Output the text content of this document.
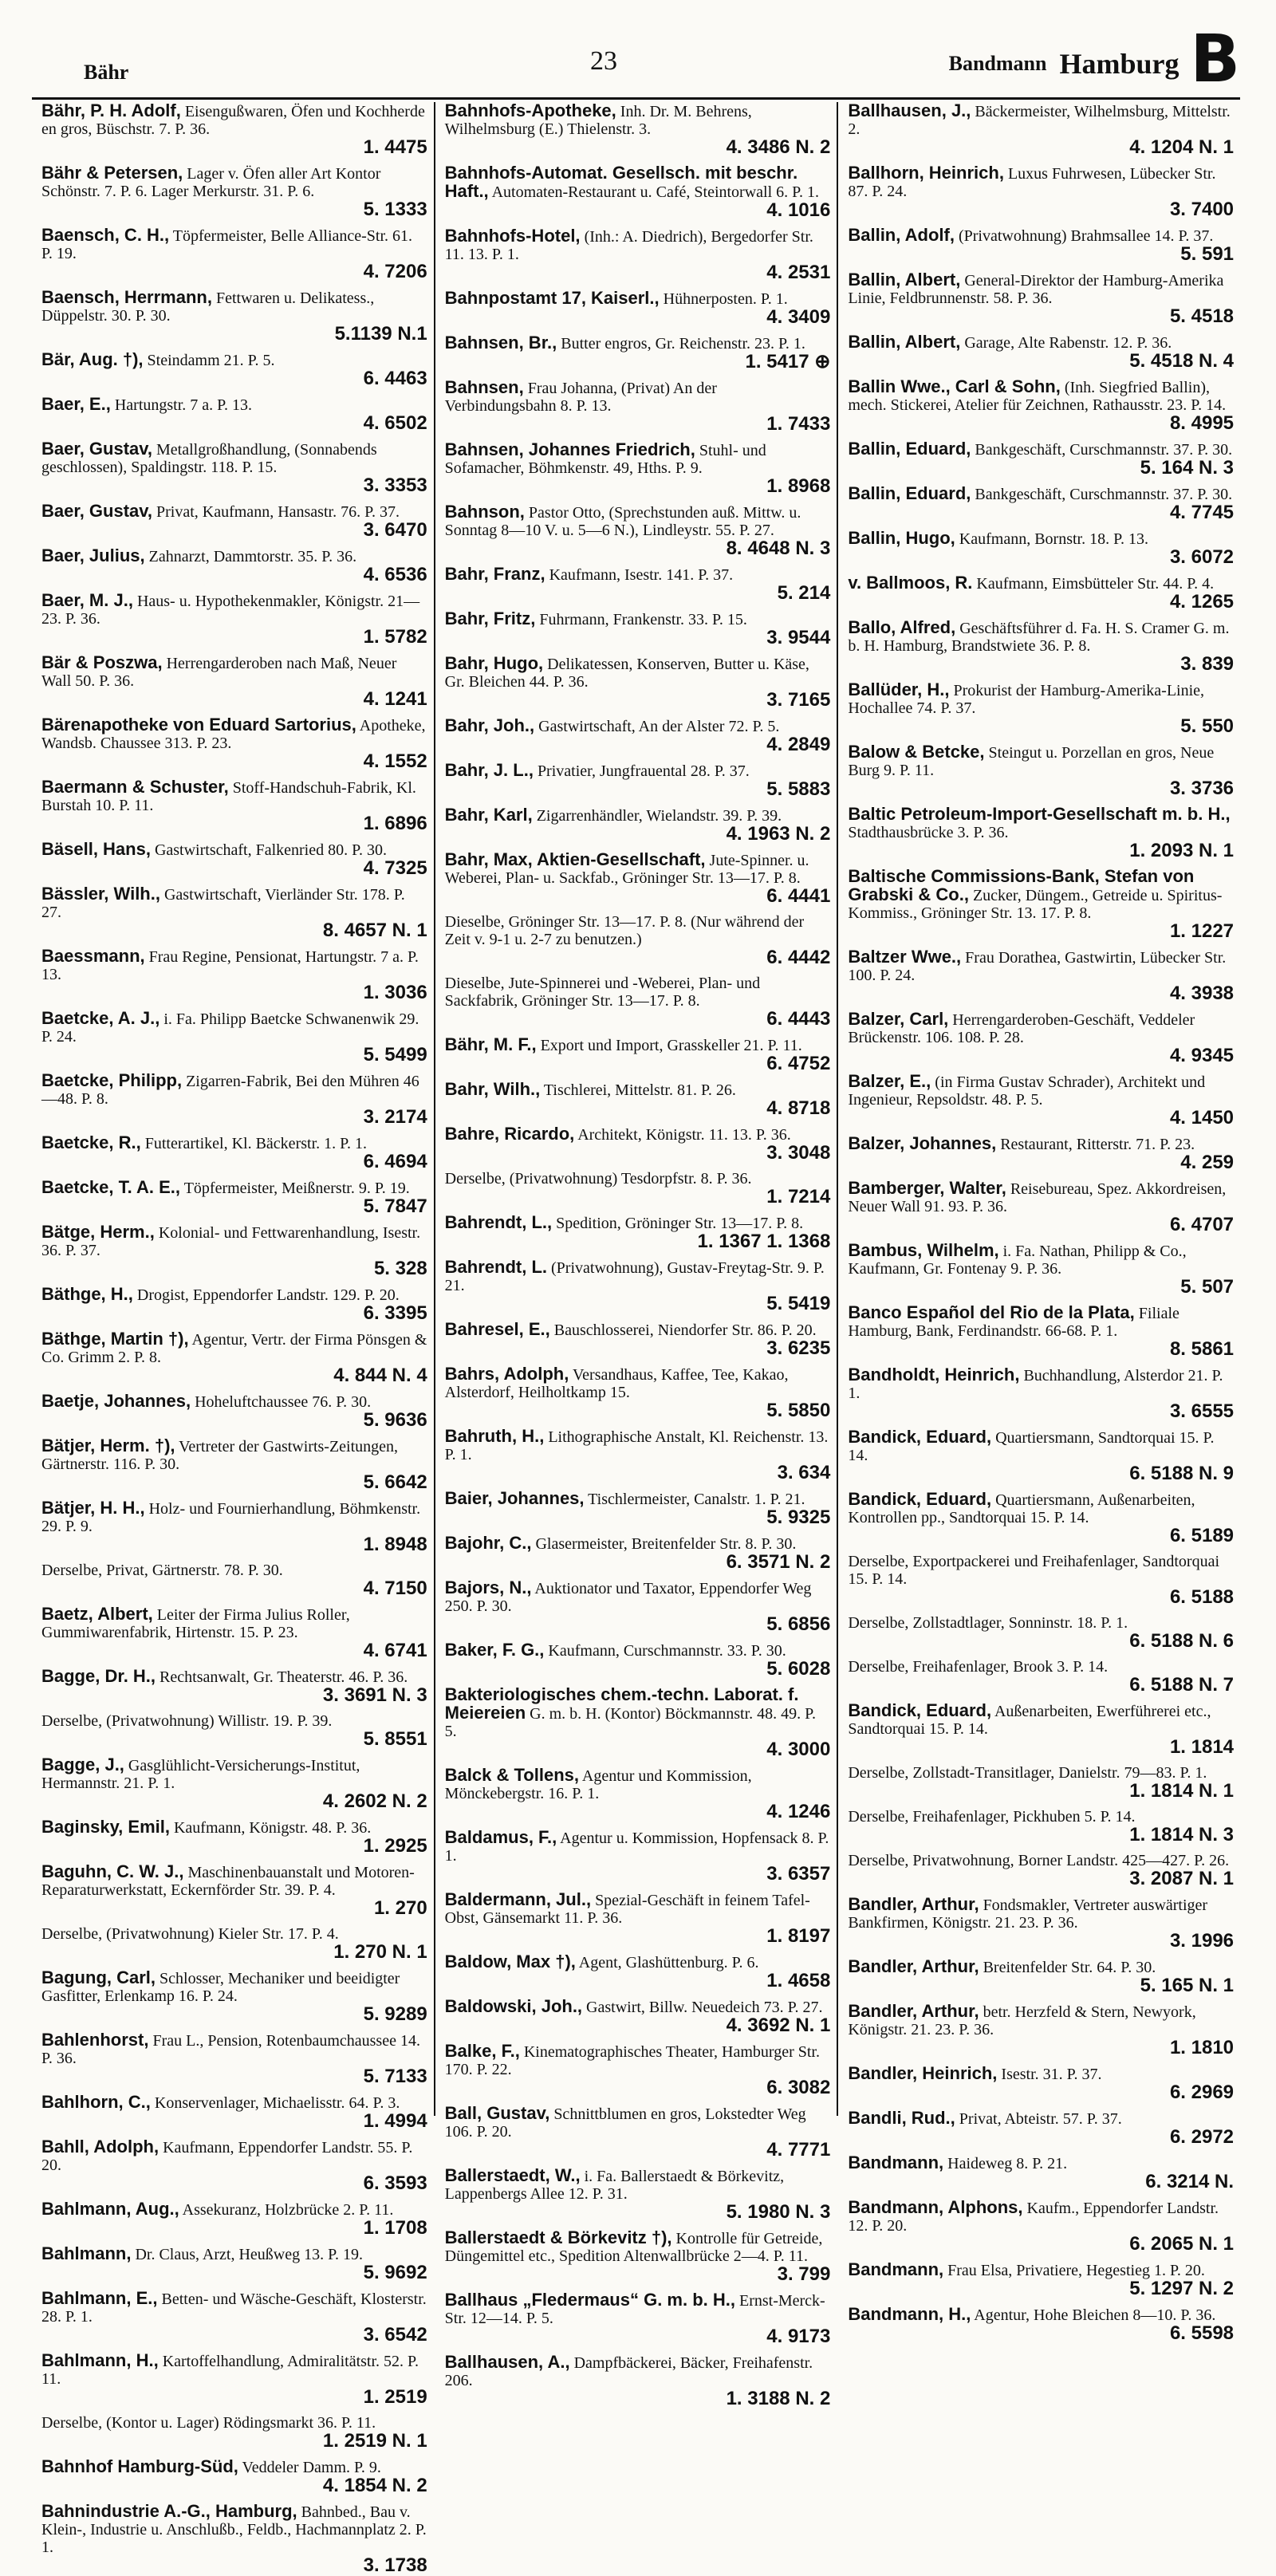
Bähr	23	Bandmann Hamburg B
Bähr, P. H. Adolf, Eisengußwaren, Öfen und Kochherde en gros, Büschstr. 7. P. 36.
1. 4475
Bähr & Petersen, Lager v. Öfen aller Art Kontor Schönstr. 7. P. 6. Lager Merkurstr. 31. P. 6.
5. 1333
Baensch, C. H., Töpfermeister, Belle Alliance-Str. 61. P. 19.
4. 7206
Baensch, Herrmann, Fettwaren u. Delikatess., Düppelstr. 30. P. 30.
5.1139 N.1
Bär, Aug. †), Steindamm 21. P. 5.
6. 4463
Baer, E., Hartungstr. 7 a. P. 13.
4. 6502
Baer, Gustav, Metallgroßhandlung, (Sonnabends geschlossen), Spaldingstr. 118. P. 15.
3. 3353
Baer, Gustav, Privat, Kaufmann, Hansastr. 76. P. 37.
3. 6470
Baer, Julius, Zahnarzt, Dammtorstr. 35. P. 36.
4. 6536
Baer, M. J., Haus- u. Hypothekenmakler, Königstr. 21—23. P. 36.
1. 5782
Bär & Poszwa, Herrengarderoben nach Maß, Neuer Wall 50. P. 36.
4. 1241
Bärenapotheke von Eduard Sartorius, Apotheke, Wandsb. Chaussee 313. P. 23.
4. 1552
Baermann & Schuster, Stoff-Handschuh-Fabrik, Kl. Burstah 10. P. 11.
1. 6896
Bäsell, Hans, Gastwirtschaft, Falkenried 80. P. 30.
4. 7325
Bässler, Wilh., Gastwirtschaft, Vierländer Str. 178. P. 27.
8. 4657 N. 1
Baessmann, Frau Regine, Pensionat, Hartungstr. 7 a. P. 13.
1. 3036
Baetcke, A. J., i. Fa. Philipp Baetcke Schwanenwik 29. P. 24.
5. 5499
Baetcke, Philipp, Zigarren-Fabrik, Bei den Mühren 46—48. P. 8.
3. 2174
Baetcke, R., Futterartikel, Kl. Bäckerstr. 1. P. 1.
6. 4694
Baetcke, T. A. E., Töpfermeister, Meißnerstr. 9. P. 19.
5. 7847
Bätge, Herm., Kolonial- und Fettwarenhandlung, Isestr. 36. P. 37.
5. 328
Bäthge, H., Drogist, Eppendorfer Landstr. 129. P. 20.
6. 3395
Bäthge, Martin †), Agentur, Vertr. der Firma Pönsgen & Co. Grimm 2. P. 8.
4. 844 N. 4
Baetje, Johannes, Hoheluftchaussee 76. P. 30.
5. 9636
Bätjer, Herm. †), Vertreter der Gastwirts-Zeitungen, Gärtnerstr. 116. P. 30.
5. 6642
Bätjer, H. H., Holz- und Fournierhandlung, Böhmkenstr. 29. P. 9.
1. 8948
Derselbe, Privat, Gärtnerstr. 78. P. 30.
4. 7150
Baetz, Albert, Leiter der Firma Julius Roller, Gummiwarenfabrik, Hirtenstr. 15. P. 23.
4. 6741
Bagge, Dr. H., Rechtsanwalt, Gr. Theaterstr. 46. P. 36.
3. 3691 N. 3
Derselbe, (Privatwohnung) Willistr. 19. P. 39.
5. 8551
Bagge, J., Gasglühlicht-Versicherungs-Institut, Hermannstr. 21. P. 1.
4. 2602 N. 2
Baginsky, Emil, Kaufmann, Königstr. 48. P. 36.
1. 2925
Baguhn, C. W. J., Maschinenbauanstalt und Motoren-Reparaturwerkstatt, Eckernförder Str. 39. P. 4.
1. 270
Derselbe, (Privatwohnung) Kieler Str. 17. P. 4.
1. 270 N. 1
Bagung, Carl, Schlosser, Mechaniker und beeidigter Gasfitter, Erlenkamp 16. P. 24.
5. 9289
Bahlenhorst, Frau L., Pension, Rotenbaumchaussee 14. P. 36.
5. 7133
Bahlhorn, C., Konservenlager, Michaelisstr. 64. P. 3.
1. 4994
Bahll, Adolph, Kaufmann, Eppendorfer Landstr. 55. P. 20.
6. 3593
Bahlmann, Aug., Assekuranz, Holzbrücke 2. P. 11.
1. 1708
Bahlmann, Dr. Claus, Arzt, Heußweg 13. P. 19.
5. 9692
Bahlmann, E., Betten- und Wäsche-Geschäft, Klosterstr. 28. P. 1.
3. 6542
Bahlmann, H., Kartoffelhandlung, Admiralitätstr. 52. P. 11.
1. 2519
Derselbe, (Kontor u. Lager) Rödingsmarkt 36. P. 11.
1. 2519 N. 1
Bahnhof Hamburg-Süd, Veddeler Damm. P. 9.
4. 1854 N. 2
Bahnindustrie A.-G., Hamburg, Bahnbed., Bau v. Klein-, Industrie u. Anschlußb., Feldb., Hachmannplatz 2. P. 1.
3. 1738
Bahnhofs-Apotheke, Inh. Dr. M. Behrens, Wilhelmsburg (E.) Thielenstr. 3.
4. 3486 N. 2
Bahnhofs-Automat. Gesellsch. mit beschr. Haft., Automaten-Restaurant u. Café, Steintorwall 6. P. 1.
4. 1016
Bahnhofs-Hotel, (Inh.: A. Diedrich), Bergedorfer Str. 11. 13. P. 1.
4. 2531
Bahnpostamt 17, Kaiserl., Hühnerposten. P. 1.
4. 3409
Bahnsen, Br., Butter engros, Gr. Reichenstr. 23. P. 1.
1. 5417 ⊕
Bahnsen, Frau Johanna, (Privat) An der Verbindungsbahn 8. P. 13.
1. 7433
Bahnsen, Johannes Friedrich, Stuhl- und Sofamacher, Böhmkenstr. 49, Hths. P. 9.
1. 8968
Bahnson, Pastor Otto, (Sprechstunden auß. Mittw. u. Sonntag 8—10 V. u. 5—6 N.), Lindleystr. 55. P. 27.
8. 4648 N. 3
Bahr, Franz, Kaufmann, Isestr. 141. P. 37.
5. 214
Bahr, Fritz, Fuhrmann, Frankenstr. 33. P. 15.
3. 9544
Bahr, Hugo, Delikatessen, Konserven, Butter u. Käse, Gr. Bleichen 44. P. 36.
3. 7165
Bahr, Joh., Gastwirtschaft, An der Alster 72. P. 5.
4. 2849
Bahr, J. L., Privatier, Jungfrauental 28. P. 37.
5. 5883
Bahr, Karl, Zigarrenhändler, Wielandstr. 39. P. 39.
4. 1963 N. 2
Bahr, Max, Aktien-Gesellschaft, Jute-Spinner. u. Weberei, Plan- u. Sackfab., Gröninger Str. 13—17. P. 8.
6. 4441
Dieselbe, Gröninger Str. 13—17. P. 8. (Nur während der Zeit v. 9-1 u. 2-7 zu benutzen.)
6. 4442
Dieselbe, Jute-Spinnerei und -Weberei, Plan- und Sackfabrik, Gröninger Str. 13—17. P. 8.
6. 4443
Bähr, M. F., Export und Import, Grasskeller 21. P. 11.
6. 4752
Bahr, Wilh., Tischlerei, Mittelstr. 81. P. 26.
4. 8718
Bahre, Ricardo, Architekt, Königstr. 11. 13. P. 36.
3. 3048
Derselbe, (Privatwohnung) Tesdorpfstr. 8. P. 36.
1. 7214
Bahrendt, L., Spedition, Gröninger Str. 13—17. P. 8.
1. 1367 1. 1368
Bahrendt, L. (Privatwohnung), Gustav-Freytag-Str. 9. P. 21.
5. 5419
Bahresel, E., Bauschlosserei, Niendorfer Str. 86. P. 20.
3. 6235
Bahrs, Adolph, Versandhaus, Kaffee, Tee, Kakao, Alsterdorf, Heilholtkamp 15.
5. 5850
Bahruth, H., Lithographische Anstalt, Kl. Reichenstr. 13. P. 1.
3. 634
Baier, Johannes, Tischlermeister, Canalstr. 1. P. 21.
5. 9325
Bajohr, C., Glasermeister, Breitenfelder Str. 8. P. 30.
6. 3571 N. 2
Bajors, N., Auktionator und Taxator, Eppendorfer Weg 250. P. 30.
5. 6856
Baker, F. G., Kaufmann, Curschmannstr. 33. P. 30.
5. 6028
Bakteriologisches chem.-techn. Laborat. f. Meiereien G. m. b. H. (Kontor) Böckmannstr. 48. 49. P. 5.
4. 3000
Balck & Tollens, Agentur und Kommission, Mönckebergstr. 16. P. 1.
4. 1246
Baldamus, F., Agentur u. Kommission, Hopfensack 8. P. 1.
3. 6357
Baldermann, Jul., Spezial-Geschäft in feinem Tafel-Obst, Gänsemarkt 11. P. 36.
1. 8197
Baldow, Max †), Agent, Glashüttenburg. P. 6.
1. 4658
Baldowski, Joh., Gastwirt, Billw. Neuedeich 73. P. 27.
4. 3692 N. 1
Balke, F., Kinematographisches Theater, Hamburger Str. 170. P. 22.
6. 3082
Ball, Gustav, Schnittblumen en gros, Lokstedter Weg 106. P. 20.
4. 7771
Ballerstaedt, W., i. Fa. Ballerstaedt & Börkevitz, Lappenbergs Allee 12. P. 31.
5. 1980 N. 3
Ballerstaedt & Börkevitz †), Kontrolle für Getreide, Düngemittel etc., Spedition Altenwallbrücke 2—4. P. 11.
3. 799
Ballhaus „Fledermaus“ G. m. b. H., Ernst-Merck-Str. 12—14. P. 5.
4. 9173
Ballhausen, A., Dampfbäckerei, Bäcker, Freihafenstr. 206.
1. 3188 N. 2
Ballhausen, J., Bäckermeister, Wilhelmsburg, Mittelstr. 2.
4. 1204 N. 1
Ballhorn, Heinrich, Luxus Fuhrwesen, Lübecker Str. 87. P. 24.
3. 7400
Ballin, Adolf, (Privatwohnung) Brahmsallee 14. P. 37.
5. 591
Ballin, Albert, General-Direktor der Hamburg-Amerika Linie, Feldbrunnenstr. 58. P. 36.
5. 4518
Ballin, Albert, Garage, Alte Rabenstr. 12. P. 36.
5. 4518 N. 4
Ballin Wwe., Carl & Sohn, (Inh. Siegfried Ballin), mech. Stickerei, Atelier für Zeichnen, Rathausstr. 23. P. 14.
8. 4995
Ballin, Eduard, Bankgeschäft, Curschmannstr. 37. P. 30.
5. 164 N. 3
Ballin, Eduard, Bankgeschäft, Curschmannstr. 37. P. 30.
4. 7745
Ballin, Hugo, Kaufmann, Bornstr. 18. P. 13.
3. 6072
v. Ballmoos, R. Kaufmann, Eimsbütteler Str. 44. P. 4.
4. 1265
Ballo, Alfred, Geschäftsführer d. Fa. H. S. Cramer G. m. b. H. Hamburg, Brandstwiete 36. P. 8.
3. 839
Ballüder, H., Prokurist der Hamburg-Amerika-Linie, Hochallee 74. P. 37.
5. 550
Balow & Betcke, Steingut u. Porzellan en gros, Neue Burg 9. P. 11.
3. 3736
Baltic Petroleum-Import-Gesellschaft m. b. H., Stadthausbrücke 3. P. 36.
1. 2093 N. 1
Baltische Commissions-Bank, Stefan von Grabski & Co., Zucker, Düngem., Getreide u. Spiritus-Kommiss., Gröninger Str. 13. 17. P. 8.
1. 1227
Baltzer Wwe., Frau Dorathea, Gastwirtin, Lübecker Str. 100. P. 24.
4. 3938
Balzer, Carl, Herrengarderoben-Geschäft, Veddeler Brückenstr. 106. 108. P. 28.
4. 9345
Balzer, E., (in Firma Gustav Schrader), Architekt und Ingenieur, Repsoldstr. 48. P. 5.
4. 1450
Balzer, Johannes, Restaurant, Ritterstr. 71. P. 23.
4. 259
Bamberger, Walter, Reisebureau, Spez. Akkordreisen, Neuer Wall 91. 93. P. 36.
6. 4707
Bambus, Wilhelm, i. Fa. Nathan, Philipp & Co., Kaufmann, Gr. Fontenay 9. P. 36.
5. 507
Banco Español del Rio de la Plata, Filiale Hamburg, Bank, Ferdinandstr. 66-68. P. 1.
8. 5861
Bandholdt, Heinrich, Buchhandlung, Alsterdor 21. P. 1.
3. 6555
Bandick, Eduard, Quartiersmann, Sandtorquai 15. P. 14.
6. 5188 N. 9
Bandick, Eduard, Quartiersmann, Außenarbeiten, Kontrollen pp., Sandtorquai 15. P. 14.
6. 5189
Derselbe, Exportpackerei und Freihafenlager, Sandtorquai 15. P. 14.
6. 5188
Derselbe, Zollstadtlager, Sonninstr. 18. P. 1.
6. 5188 N. 6
Derselbe, Freihafenlager, Brook 3. P. 14.
6. 5188 N. 7
Bandick, Eduard, Außenarbeiten, Ewerführerei etc., Sandtorquai 15. P. 14.
1. 1814
Derselbe, Zollstadt-Transitlager, Danielstr. 79—83. P. 1.
1. 1814 N. 1
Derselbe, Freihafenlager, Pickhuben 5. P. 14.
1. 1814 N. 3
Derselbe, Privatwohnung, Borner Landstr. 425—427. P. 26.
3. 2087 N. 1
Bandler, Arthur, Fondsmakler, Vertreter auswärtiger Bankfirmen, Königstr. 21. 23. P. 36.
3. 1996
Bandler, Arthur, Breitenfelder Str. 64. P. 30.
5. 165 N. 1
Bandler, Arthur, betr. Herzfeld & Stern, Newyork, Königstr. 21. 23. P. 36.
1. 1810
Bandler, Heinrich, Isestr. 31. P. 37.
6. 2969
Bandli, Rud., Privat, Abteistr. 57. P. 37.
6. 2972
Bandmann, Haideweg 8. P. 21.
6. 3214 N.
Bandmann, Alphons, Kaufm., Eppendorfer Landstr. 12. P. 20.
6. 2065 N. 1
Bandmann, Frau Elsa, Privatiere, Hegestieg 1. P. 20.
5. 1297 N. 2
Bandmann, H., Agentur, Hohe Bleichen 8—10. P. 36.
6. 5598
